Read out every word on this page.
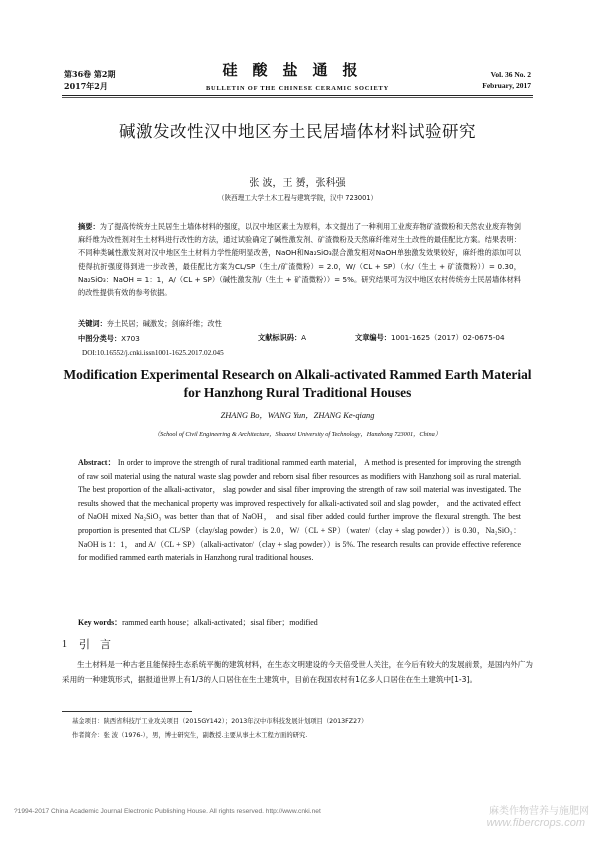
第36卷 第2期
2017年2月
硅酸盐通报
BULLETIN OF THE CHINESE CERAMIC SOCIETY
Vol. 36 No. 2
February, 2017
碱激发改性汉中地区夯土民居墙体材料试验研究
张 波，王 赟，张科强
（陕西理工大学土木工程与建筑学院，汉中 723001）
摘要：为了提高传统夯土民居生土墙体材料的强度，以汉中地区素土为原料，本文提出了一种利用工业废弃物矿渣微粉和天然农业废弃物剑麻纤维为改性剂对生土材料进行改性的方法，通过试验确定了碱性激发剂、矿渣微粉及天然麻纤维对生土改性的最佳配比方案。结果表明：不同种类碱性激发剂对汉中地区生土材料力学性能明显改善，NaOH和Na₂SiO₃混合激发相对NaOH单独激发效果较好，麻纤维的添加可以使得抗折强度得到进一步改善，最佳配比方案为CL/SP（生土/矿渣微粉）= 2.0，W/（CL + SP）（水/（生土 + 矿渣微粉））= 0.30，Na₂SiO₃：NaOH = 1：1，A/（CL + SP）（碱性激发剂/（生土 + 矿渣微粉））= 5%。研究结果可为汉中地区农村传统夯土民居墙体材料的改性提供有效的参考依据。
关键词：夯土民居；碱激发；剑麻纤维；改性
中图分类号：X703	文献标识码：A	文章编号：1001-1625（2017）02-0675-04
DOI:10.16552/j.cnki.issn1001-1625.2017.02.045
Modification Experimental Research on Alkali-activated Rammed Earth Material for Hanzhong Rural Traditional Houses
ZHANG Bo，WANG Yun，ZHANG Ke-qiang
（School of Civil Engineering & Architecture，Shaanxi University of Technology，Hanzhong 723001，China）
Abstract： In order to improve the strength of rural traditional rammed earth material， A method is presented for improving the strength of raw soil material using the natural waste slag powder and reborn sisal fiber resources as modifiers with Hanzhong soil as rural material. The best proportion of the alkali-activator， slag powder and sisal fiber improving the strength of raw soil material was investigated. The results showed that the mechanical property was improved respectively for alkali-activated soil and slag powder， and the activated effect of NaOH mixed Na₂SiO₃ was better than that of NaOH， and sisal fiber added could further improve the flexural strength. The best proportion is presented that CL/SP（clay/slag powder）is 2.0，W/（CL + SP）（water/（clay + slag powder））is 0.30，Na₂SiO₃：NaOH is 1：1， and A/（CL + SP）（alkali-activator/（clay + slag powder））is 5%. The research results can provide effective reference for modified rammed earth materials in Hanzhong rural traditional houses.
Key words：rammed earth house；alkali-activated；sisal fiber；modified
1 引言
生土材料是一种古老且能保持生态系统平衡的建筑材料，在生态文明建设的今天倍受世人关注，在今后有较大的发展前景，是国内外广为采用的一种建筑形式，据报道世界上有1/3的人口居住在生土建筑中，目前在我国农村有1亿多人口居住在生土建筑中[1-3]。
基金项目：陕西省科技厅工业攻关项目（2015GY142）；2013年汉中市科技发展计划项目（2013FZ27）
作者简介：张 波（1976-），男，博士研究生，副教授.主要从事土木工程方面的研究.
?1994-2017 China Academic Journal Electronic Publishing House. All rights reserved. http://www.cnki.net	麻类作物营养与施肥网
www.fibercrops.com
